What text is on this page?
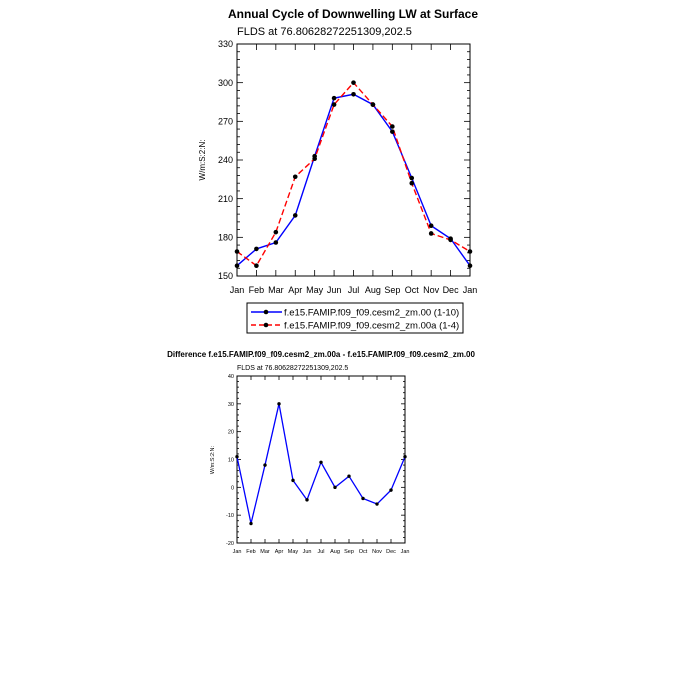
Annual Cycle of Downwelling LW at Surface
FLDS at 76.80628272251309,202.5
W/m:S:2:N:
150
180
210
240
270
300
330
Jan Feb Mar Apr May Jun Jul Aug Sep Oct Nov Dec Jan
f.e15.FAMIP.f09_f09.cesm2_zm.00 (1-10)
f.e15.FAMIP.f09_f09.cesm2_zm.00a (1-4)
Difference f.e15.FAMIP.f09_f09.cesm2_zm.00a - f.e15.FAMIP.f09_f09.cesm2_zm.00
FLDS at 76.80628272251309,202.5
W/m:S:2:N:
-20
-10
0
10
20
30
40
Jan Feb Mar Apr May Jun Jul Aug Sep Oct Nov Dec Jan
